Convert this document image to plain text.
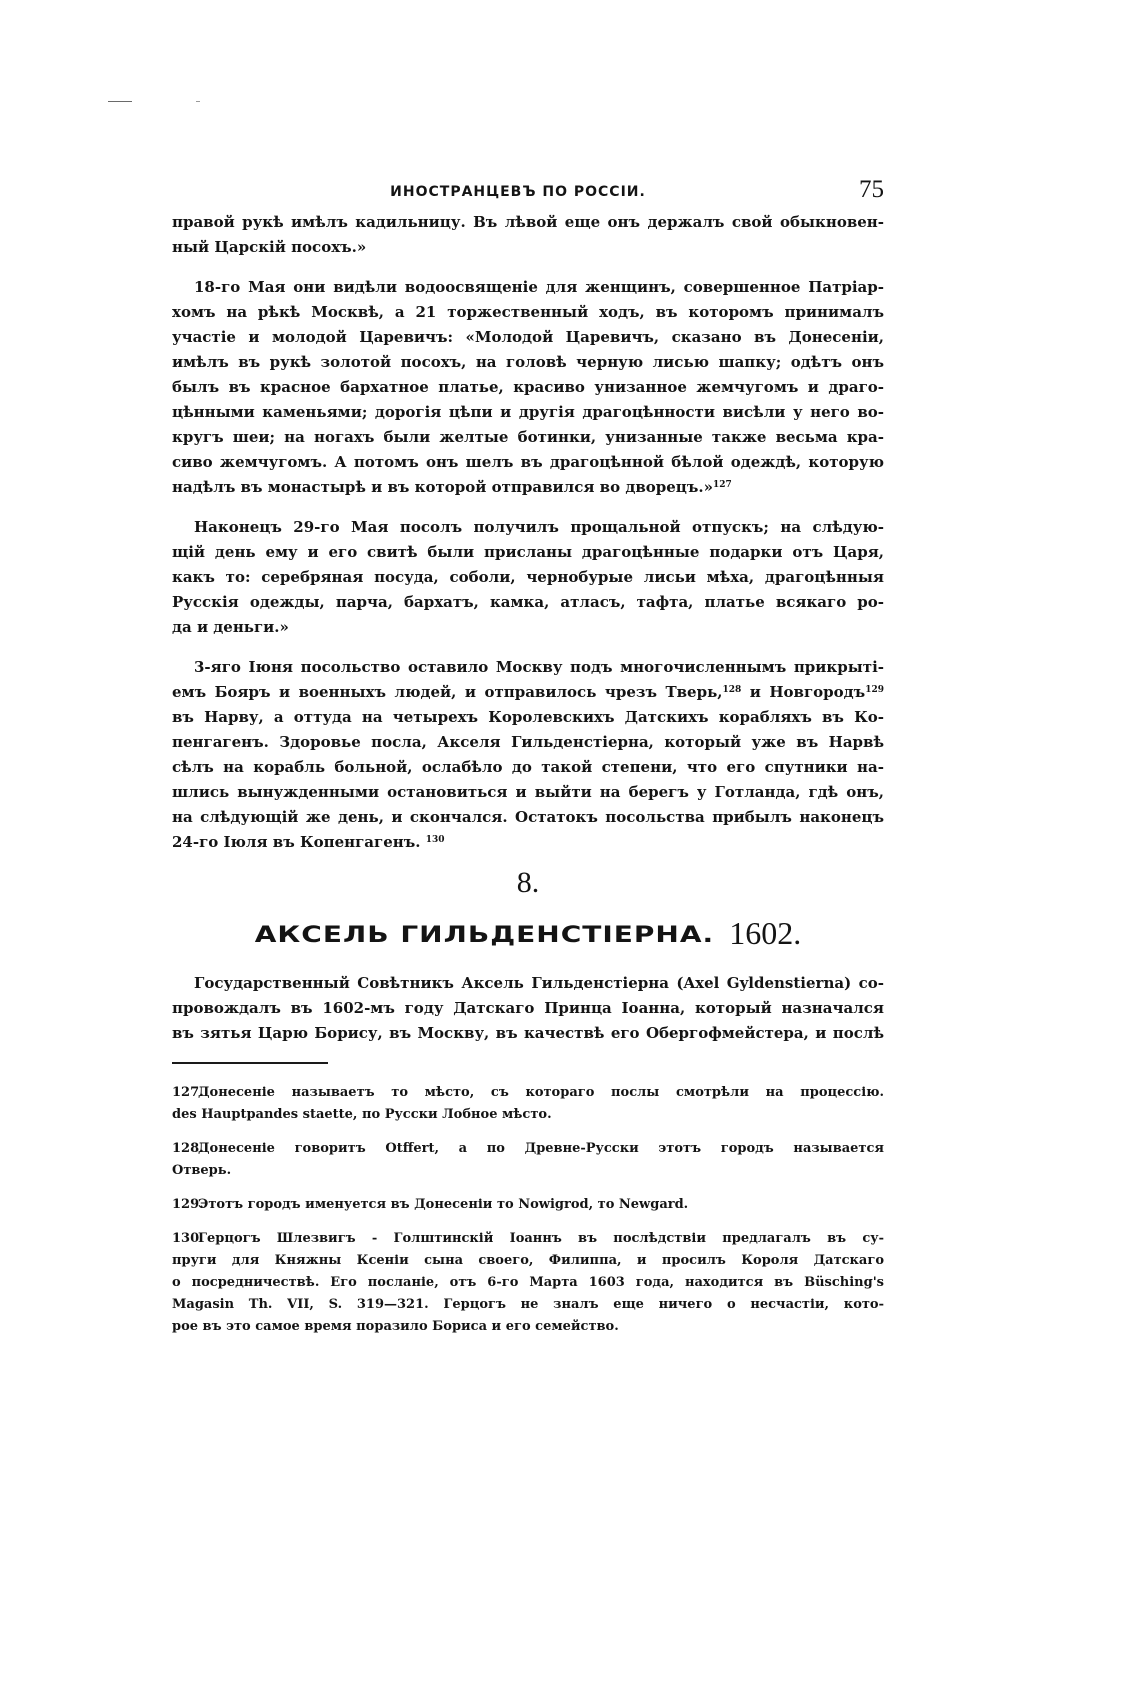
ИНОСТРАНЦЕВЪ ПО РОССІИ.	75

правой рукѣ имѣлъ кадильницу. Въ лѣвой еще онъ держалъ свой обыкновен-
ный Царскій посохъ.»

18-го Мая они видѣли водоосвященіе для женщинъ, совершенное Патріар-
хомъ на рѣкѣ Москвѣ, а 21 торжественный ходъ, въ которомъ принималъ
участіе и молодой Царевичъ: «Молодой Царевичъ, сказано въ Донесеніи,
имѣлъ въ рукѣ золотой посохъ, на головѣ черную лисью шапку; одѣтъ онъ
былъ въ красное бархатное платье, красиво унизанное жемчугомъ и драго-
цѣнными каменьями; дорогія цѣпи и другія драгоцѣнности висѣли у него во-
кругъ шеи; на ногахъ были желтые ботинки, унизанные также весьма кра-
сиво жемчугомъ. А потомъ онъ шелъ въ драгоцѣнной бѣлой одеждѣ, которую
надѣлъ въ монастырѣ и въ которой отправился во дворецъ.»$^{127}$

Наконецъ 29-го Мая посолъ получилъ прощальной отпускъ; на слѣдую-
щій день ему и его свитѣ были присланы драгоцѣнные подарки отъ Царя,
какъ то: серебряная посуда, соболи, чернобурые лисьи мѣха, драгоцѣнныя
Русскія одежды, парча, бархатъ, камка, атласъ, тафта, платье всякаго ро-
да и деньги.»

3-яго Іюня посольство оставило Москву подъ многочисленнымъ прикрыті-
емъ Бояръ и военныхъ людей, и отправилось чрезъ Тверь,$^{128}$ и Новгородъ$^{129}$
въ Нарву, а оттуда на четырехъ Королевскихъ Датскихъ корабляхъ въ Ко-
пенгагенъ. Здоровье посла, Акселя Гильденстіерна, который уже въ Нарвѣ
сѣлъ на корабль больной, ослабѣло до такой степени, что его спутники на-
шлись вынужденными остановиться и выйти на берегъ у Готланда, гдѣ онъ,
на слѣдующій же день, и скончался. Остатокъ посольства прибылъ наконецъ
24-го Іюля въ Копенгагенъ. $^{130}$

8.
АКСЕЛЬ ГИЛЬДЕНСТІЕРНА. 1602.

Государственный Совѣтникъ Аксель Гильденстіерна (Axel Gyldenstierna) со-
провождалъ въ 1602-мъ году Датскаго Принца Іоанна, который назначался
въ зятья Царю Борису, въ Москву, въ качествѣ его Обергофмейстера, и послѣ

127.Донесеніе называетъ то мѣсто, съ котораго послы смотрѣли на процессію.
des Hauptpandes staette, по Русски Лобное мѣсто.
128.Донесеніе говоритъ Otffert, а по Древне-Русски этотъ городъ называется
Отверь.
129.Этотъ городъ именуется въ Донесеніи то Nowigrod, то Newgard.
130Герцогъ Шлезвигъ - Голштинскій Іоаннъ въ послѣдствіи предлагалъ въ су-
пруги для Княжны Ксеніи сына своего, Филиппа, и просилъ Короля Датскаго
о посредничествѣ. Его посланіе, отъ 6-го Марта 1603 года, находится въ Büsching's
Magasin Th. VII, S. 319—321. Герцогъ не зналъ еще ничего о несчастіи, кото-
рое въ это самое время поразило Бориса и его семейство.
